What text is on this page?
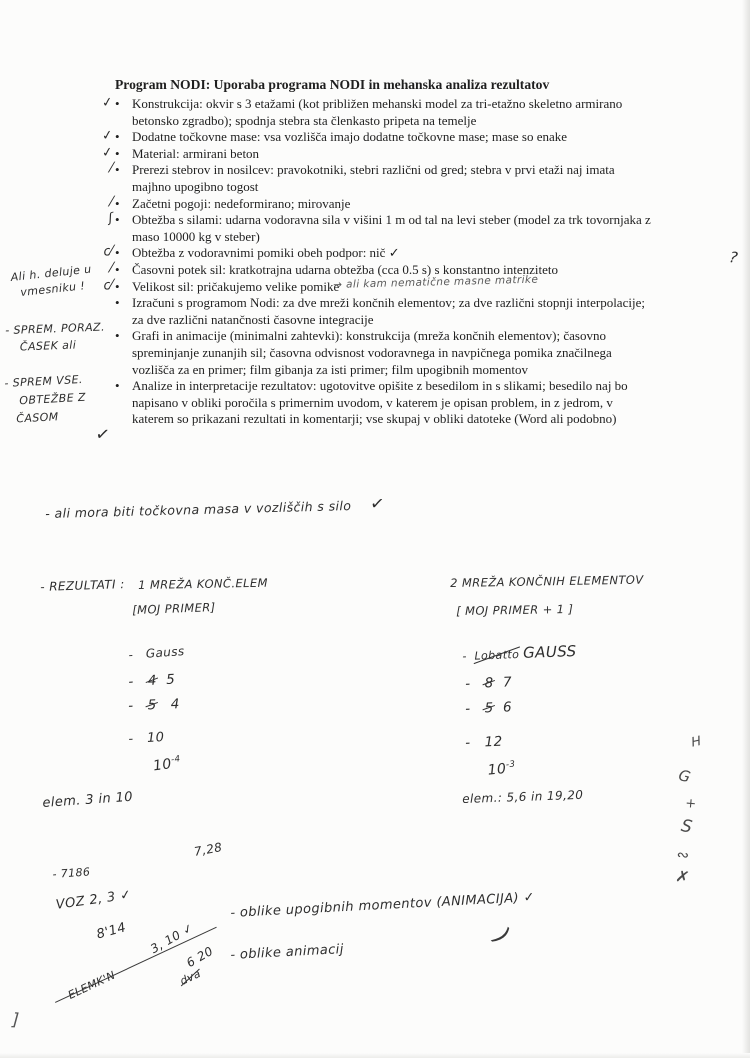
Program NODI: Uporaba programa NODI in mehanska analiza rezultatov

✓ • Konstrukcija: okvir s 3 etažami (kot približen mehanski model za tri-etažno skeletno armirano betonsko zgradbo); spodnja stebra sta členkasto pripeta na temelje
✓ • Dodatne točkovne mase: vsa vozlišča imajo dodatne točkovne mase; mase so enake
✓ • Material: armirani beton
⁄ • Prerezi stebrov in nosilcev: pravokotniki, stebri različni od gred; stebra v prvi etaži naj imata majhno upogibno togost
⁄ • Začetni pogoji: nedeformirano; mirovanje
ʃ • Obtežba s silami: udarna vodoravna sila v višini 1 m od tal na levi steber (model za trk tovornjaka z maso 10000 kg v steber)
ᴄ⁄ • Obtežba z vodoravnimi pomiki obeh podpor: nič ✓
⁄ • Časovni potek sil: kratkotrajna udarna obtežba (cca 0.5 s) s konstantno intenziteto
ᴄ⁄ • Velikost sil: pričakujemo velike pomike
• Izračuni s programom Nodi: za dve mreži končnih elementov; za dve različni stopnji interpolacije; za dve različni natančnosti časovne integracije
• Grafi in animacije (minimalni zahtevki): konstrukcija (mreža končnih elementov); časovno spreminjanje zunanjih sil; časovna odvisnost vodoravnega in navpičnega pomika značilnega vozlišča za en primer; film gibanja za isti primer; film upogibnih momentov
• Analize in interpretacije rezultatov: ugotovitve opišite z besedilom in s slikami; besedilo naj bo napisano v obliki poročila s primernim uvodom, v katerem je opisan problem, in z jedrom, v katerem so prikazani rezultati in komentarji; vse skupaj v obliki datoteke (Word ali podobno)
?
→ ali kam nematične masne matrike
Ali h. deluje u
vmesniku !
- SPREM. PORAZ.
ČASEK ali
- SPREM VSE.
OBTEŽBE Z
ČASOM
✓
- ali mora biti točkovna masa v vozliščih s silo ✓
- REZULTATI : 1 MREŽA KONČ.ELEM
[MOJ PRIMER]
2 MREŽA KONČNIH ELEMENTOV
[ MOJ PRIMER + 1 ]
- Gauss
- 4 5
- 5 4
- 10
$10^{-4}$
- Lobatto GAUSS
- 8 7
- 5 6
- 12
$10^{-3}$
elem. 3 in 10	elem.: 5,6 in 19,20
7,28
- 7186
VOZ 2, 3 ✓
8'14
ELEMK'N
3, 10 ✓
6 20
dva
- oblike upogibnih momentov (ANIMACIJA) ✓
)
- oblike animacij
H
G
+
S
∾
✗
]
